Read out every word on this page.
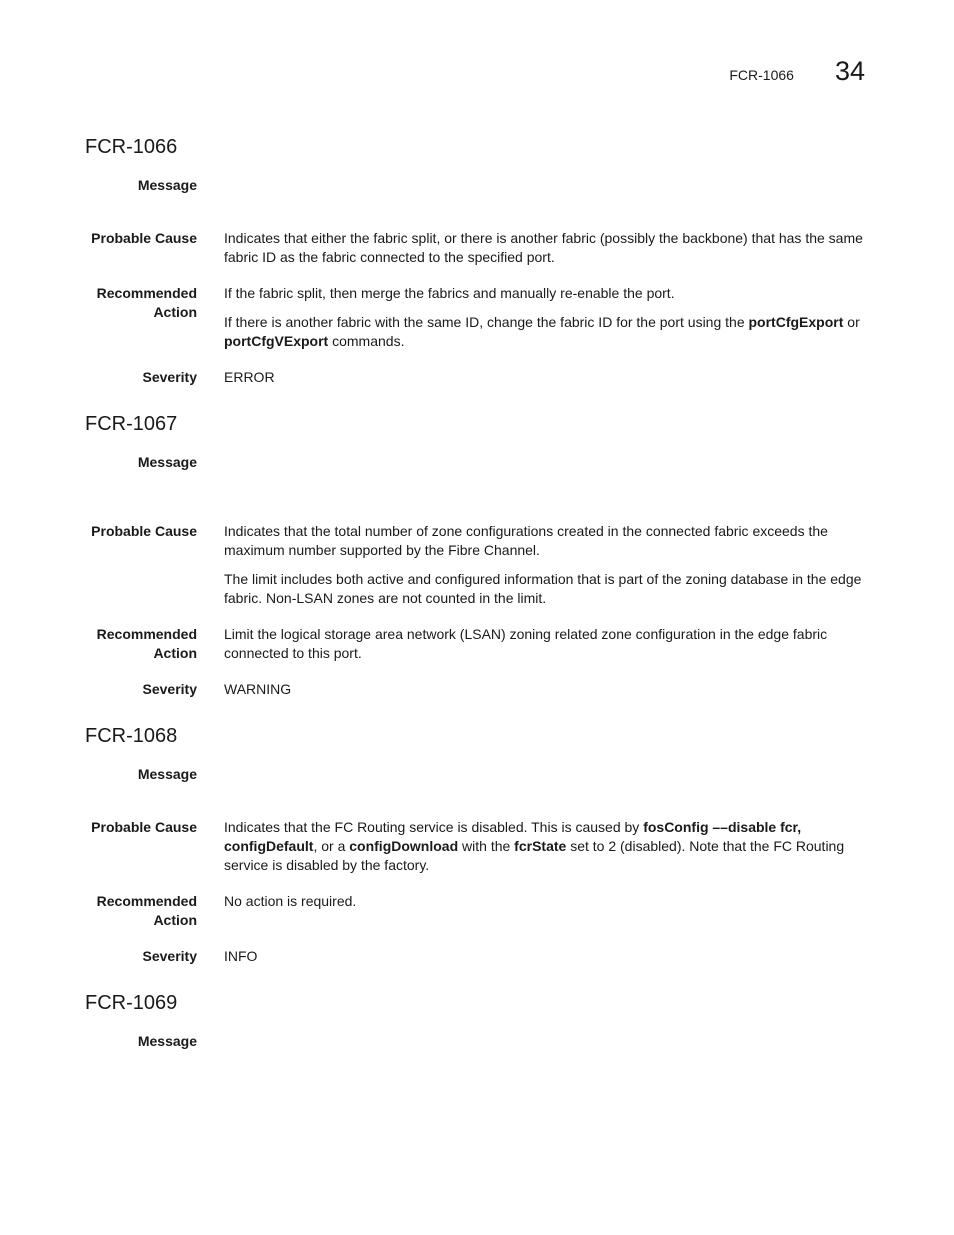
FCR-1066 34
FCR-1066
Message
Probable Cause Indicates that either the fabric split, or there is another fabric (possibly the backbone) that has the same fabric ID as the fabric connected to the specified port.

Recommended
Action

If the fabric split, then merge the fabrics and manually re-enable the port.

If there is another fabric with the same ID, change the fabric ID for the port using the portCfgExport or portCfgVExport commands.

Severity ERROR
FCR-1067
Message
Probable Cause Indicates that the total number of zone configurations created in the connected fabric exceeds the maximum number supported by the Fibre Channel.

The limit includes both active and configured information that is part of the zoning database in the edge fabric. Non-LSAN zones are not counted in the limit.

Recommended
Action

Limit the logical storage area network (LSAN) zoning related zone configuration in the edge fabric connected to this port.

Severity WARNING
FCR-1068
Message
Probable Cause Indicates that the FC Routing service is disabled. This is caused by fosConfig ––disable fcr, configDefault, or a configDownload with the fcrState set to 2 (disabled). Note that the FC Routing service is disabled by the factory.

Recommended
Action

No action is required.

Severity INFO
FCR-1069
Message
